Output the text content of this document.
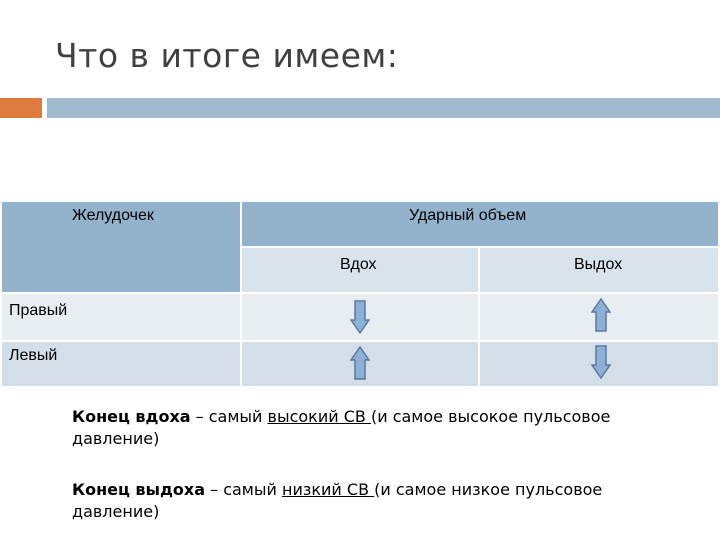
Что в итоге имеем:
Желудочек	Ударный объем
Вдох	Выдох
Правый
Левый
Конец вдоха – самый высокий СВ (и самое высокое пульсовое давление)
Конец выдоха – самый низкий СВ (и самое низкое пульсовое давление)
